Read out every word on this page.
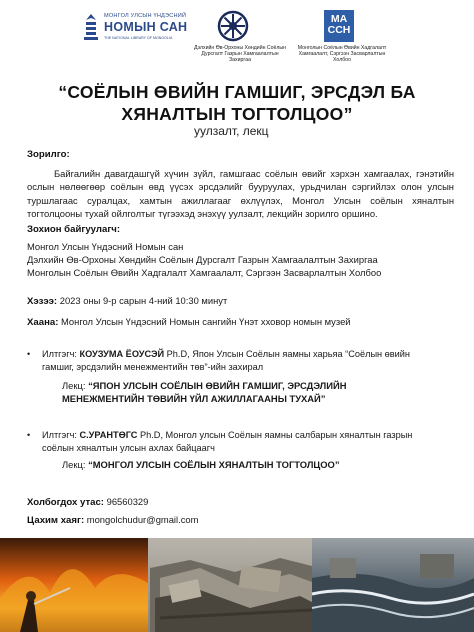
МОНГОЛ УЛСЫН ҮНДЭСНИЙ
НОМЫН САН
THE NATIONAL LIBRARY OF MONGOLIA
Дэлхийн Өв-Орхоны Хөндийн Соёлын
Дурсгалт Газрын Хамгаалалтын Захиргаа
МА
ССН
Монголын Соёлын Өвийн Хадгалалт
Хамгаалалт, Сэргээн Засварлалтын Холбоо
“СОЁЛЫН ӨВИЙН ГАМШИГ, ЭРСДЭЛ БА
ХЯНАЛТЫН ТОГТОЛЦОО”
уулзалт, лекц
Зорилго:
Байгалийн давагдашгүй хүчин зүйл, гамшгаас соёлын өвийг хэрхэн хамгаалах, гэнэтийн ослын нөлөөгөөр соёлын өвд үүсэх эрсдэлийг бууруулах, урьдчилан сэргийлэх олон улсын туршлагаас суралцах, хамтын ажиллагааг өхлүүлэх, Монгол Улсын соёлын хяналтын тогтолцооны тухай ойлголтыг түгээхэд энэхүү уулзалт, лекцийн зорилго оршино.
Зохион байгуулагч:
Монгол Улсын Үндэсний Номын сан
Дэлхийн Өв-Орхоны Хөндийн Соёлын Дурсгалт Газрын Хамгаалалтын Захиргаа
Монголын Соёлын Өвийн Хадгалалт Хамгаалалт, Сэргээн Засварлалтын Холбоо
Хэзээ: 2023 оны 9-р сарын 4-ний 10:30 минут
Хаана: Монгол Улсын Үндэсний Номын сангийн Үнэт хховор номын музей
• Илтгэгч: КОУЗУМА ЁОУСЭЙ Ph.D, Япон Улсын Соёлын яамны харьяа “Соёлын өвийн
гамшиг, эрсдэлийн менежментийн төв”-ийн захирал
Лекц: “ЯПОН УЛСЫН СОЁЛЫН ӨВИЙН ГАМШИГ, ЭРСДЭЛИЙН
МЕНЕЖМЕНТИЙН ТӨВИЙН ҮЙЛ АЖИЛЛАГААНЫ ТУХАЙ”
• Илтгэгч: С.УРАНТӨГС Ph.D, Монгол улсын Соёлын яамны салбарын хяналтын газрын
соёлын хяналтын улсын ахлах байцаагч
Лекц: “МОНГОЛ УЛСЫН СОЁЛЫН ХЯНАЛТЫН ТОГТОЛЦОО”
Холбогдох утас: 96560329
Цахим хаяг: mongolchudur@gmail.com
